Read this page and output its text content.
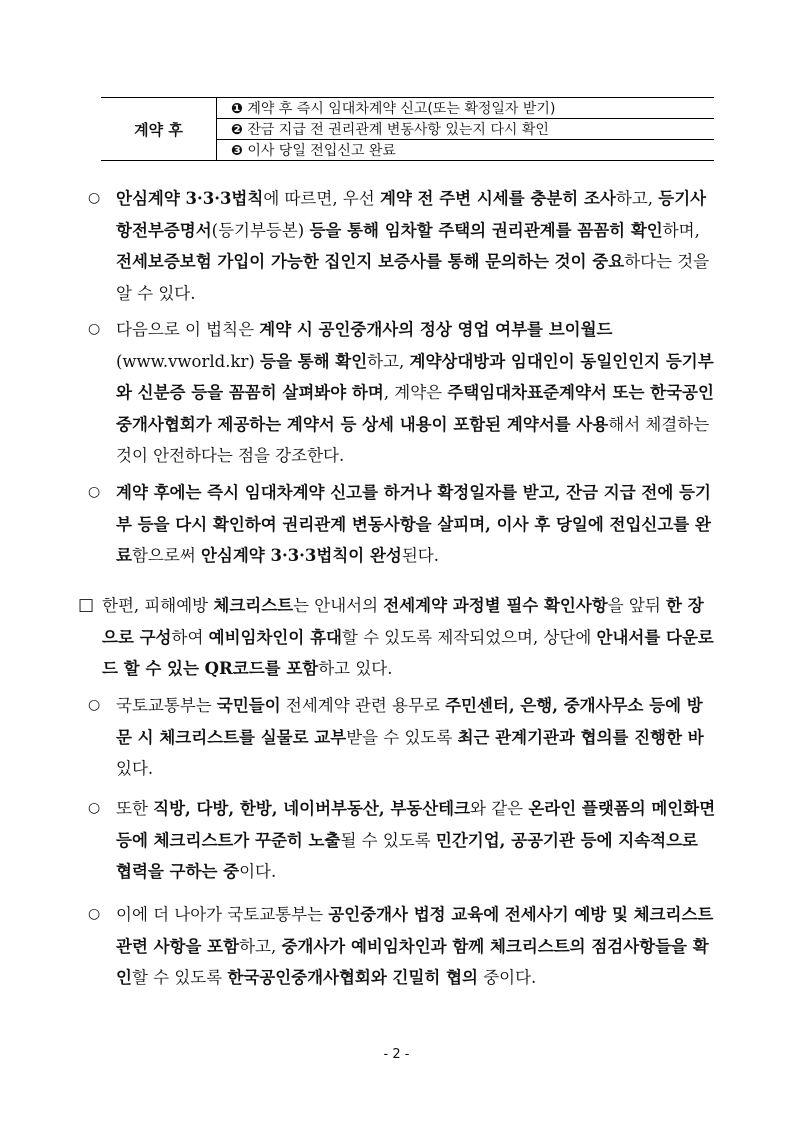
계약 후	❶ 계약 후 즉시 임대차계약 신고(또는 확정일자 받기)
❷ 잔금 지급 전 권리관계 변동사항 있는지 다시 확인
❸ 이사 당일 전입신고 완료
○ 안심계약 3·3·3법칙에 따르면, 우선 계약 전 주변 시세를 충분히 조사하고, 등기사항전부증명서(등기부등본) 등을 통해 임차할 주택의 권리관계를 꼼꼼히 확인하며, 전세보증보험 가입이 가능한 집인지 보증사를 통해 문의하는 것이 중요하다는 것을 알 수 있다.
○ 다음으로 이 법칙은 계약 시 공인중개사의 정상 영업 여부를 브이월드(www.vworld.kr) 등을 통해 확인하고, 계약상대방과 임대인이 동일인인지 등기부와 신분증 등을 꼼꼼히 살펴봐야 하며, 계약은 주택임대차표준계약서 또는 한국공인중개사협회가 제공하는 계약서 등 상세 내용이 포함된 계약서를 사용해서 체결하는 것이 안전하다는 점을 강조한다.
○ 계약 후에는 즉시 임대차계약 신고를 하거나 확정일자를 받고, 잔금 지급 전에 등기부 등을 다시 확인하여 권리관계 변동사항을 살피며, 이사 후 당일에 전입신고를 완료함으로써 안심계약 3·3·3법칙이 완성된다.
□ 한편, 피해예방 체크리스트는 안내서의 전세계약 과정별 필수 확인사항을 앞뒤 한 장으로 구성하여 예비임차인이 휴대할 수 있도록 제작되었으며, 상단에 안내서를 다운로드 할 수 있는 QR코드를 포함하고 있다.
○ 국토교통부는 국민들이 전세계약 관련 용무로 주민센터, 은행, 중개사무소 등에 방문 시 체크리스트를 실물로 교부받을 수 있도록 최근 관계기관과 협의를 진행한 바 있다.
○ 또한 직방, 다방, 한방, 네이버부동산, 부동산테크와 같은 온라인 플랫폼의 메인화면 등에 체크리스트가 꾸준히 노출될 수 있도록 민간기업, 공공기관 등에 지속적으로 협력을 구하는 중이다.
○ 이에 더 나아가 국토교통부는 공인중개사 법정 교육에 전세사기 예방 및 체크리스트 관련 사항을 포함하고, 중개사가 예비임차인과 함께 체크리스트의 점검사항들을 확인할 수 있도록 한국공인중개사협회와 긴밀히 협의 중이다.
- 2 -
